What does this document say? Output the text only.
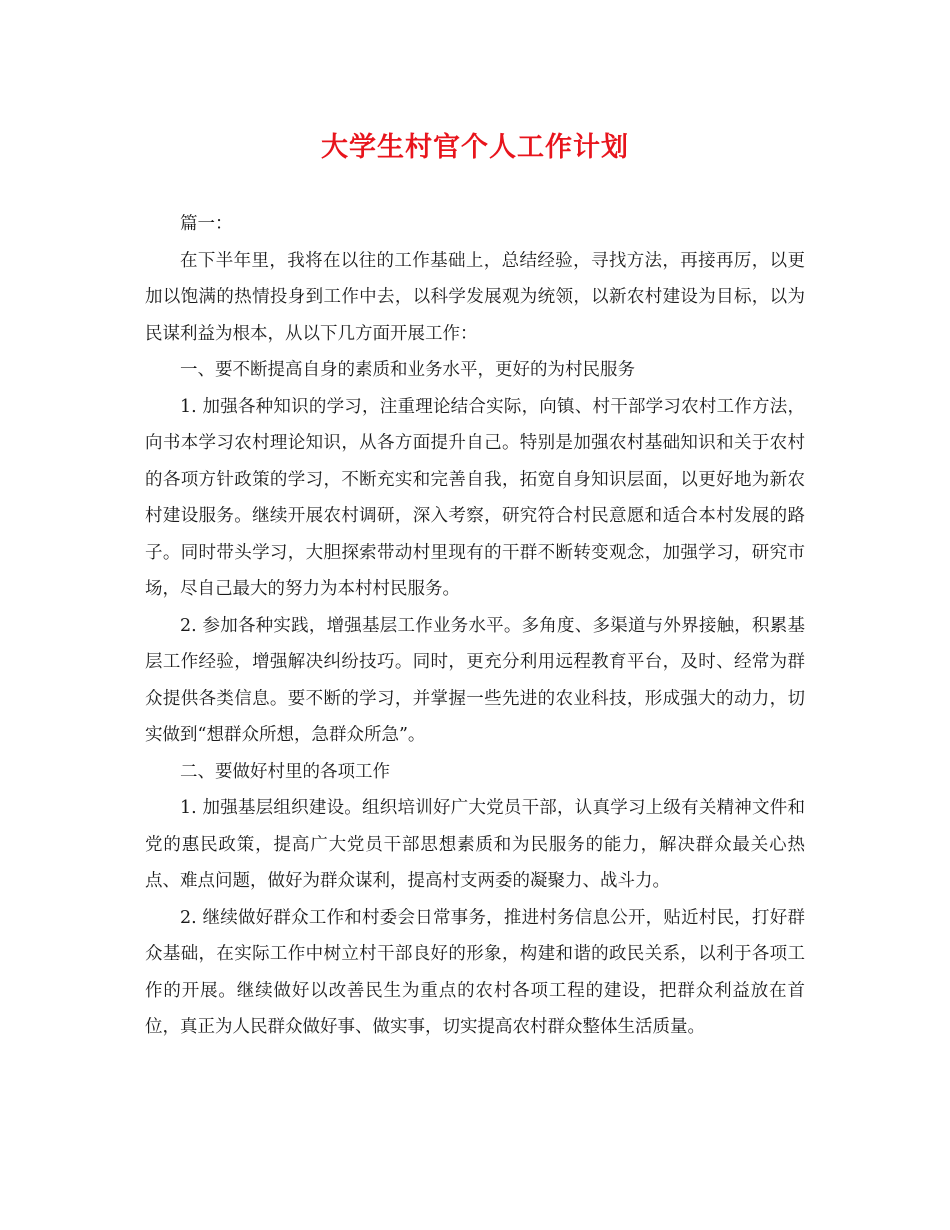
大学生村官个人工作计划

篇一：

在下半年里，我将在以往的工作基础上，总结经验，寻找方法，再接再厉，以更加以饱满的热情投身到工作中去，以科学发展观为统领，以新农村建设为目标，以为民谋利益为根本，从以下几方面开展工作：

一、要不断提高自身的素质和业务水平，更好的为村民服务

1. 加强各种知识的学习，注重理论结合实际，向镇、村干部学习农村工作方法，向书本学习农村理论知识，从各方面提升自己。特别是加强农村基础知识和关于农村的各项方针政策的学习，不断充实和完善自我，拓宽自身知识层面，以更好地为新农村建设服务。继续开展农村调研，深入考察，研究符合村民意愿和适合本村发展的路子。同时带头学习，大胆探索带动村里现有的干群不断转变观念，加强学习，研究市场，尽自己最大的努力为本村村民服务。

2. 参加各种实践，增强基层工作业务水平。多角度、多渠道与外界接触，积累基层工作经验，增强解决纠纷技巧。同时，更充分利用远程教育平台，及时、经常为群众提供各类信息。要不断的学习，并掌握一些先进的农业科技，形成强大的动力，切实做到“想群众所想，急群众所急”。

二、要做好村里的各项工作

1. 加强基层组织建设。组织培训好广大党员干部，认真学习上级有关精神文件和党的惠民政策，提高广大党员干部思想素质和为民服务的能力，解决群众最关心热点、难点问题，做好为群众谋利，提高村支两委的凝聚力、战斗力。

2. 继续做好群众工作和村委会日常事务，推进村务信息公开，贴近村民，打好群众基础，在实际工作中树立村干部良好的形象，构建和谐的政民关系，以利于各项工作的开展。继续做好以改善民生为重点的农村各项工程的建设，把群众利益放在首位，真正为人民群众做好事、做实事，切实提高农村群众整体生活质量。
